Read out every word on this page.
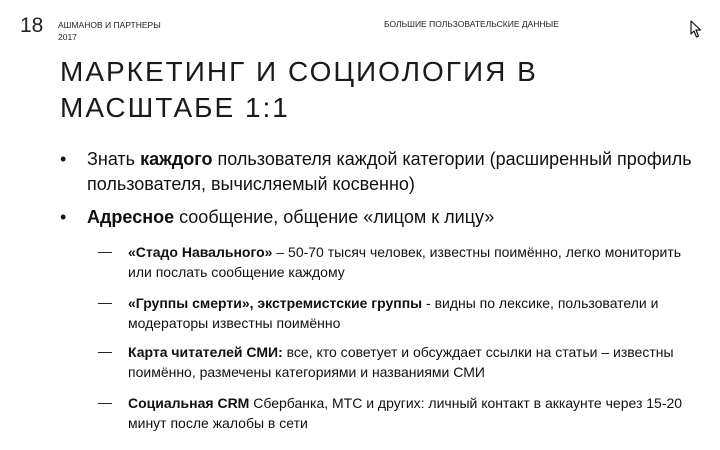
18 АШМАНОВ И ПАРТНЕРЫ
2017
БОЛЬШИЕ ПОЛЬЗОВАТЕЛЬСКИЕ ДАННЫЕ
МАРКЕТИНГ И СОЦИОЛОГИЯ В
МАСШТАБЕ 1:1
•	Знать каждого пользователя каждой категории (расширенный профиль пользователя, вычисляемый косвенно)
•	Адресное сообщение, общение «лицом к лицу»
— «Стадо Навального» – 50-70 тысяч человек, известны поимённо, легко мониторить или послать сообщение каждому
— «Группы смерти», экстремистские группы - видны по лексике, пользователи и модераторы известны поимённо
— Карта читателей СМИ: все, кто советует и обсуждает ссылки на статьи – известны поимённо, размечены категориями и названиями СМИ
— Социальная CRM Сбербанка, МТС и других: личный контакт в аккаунте через 15-20 минут после жалобы в сети
